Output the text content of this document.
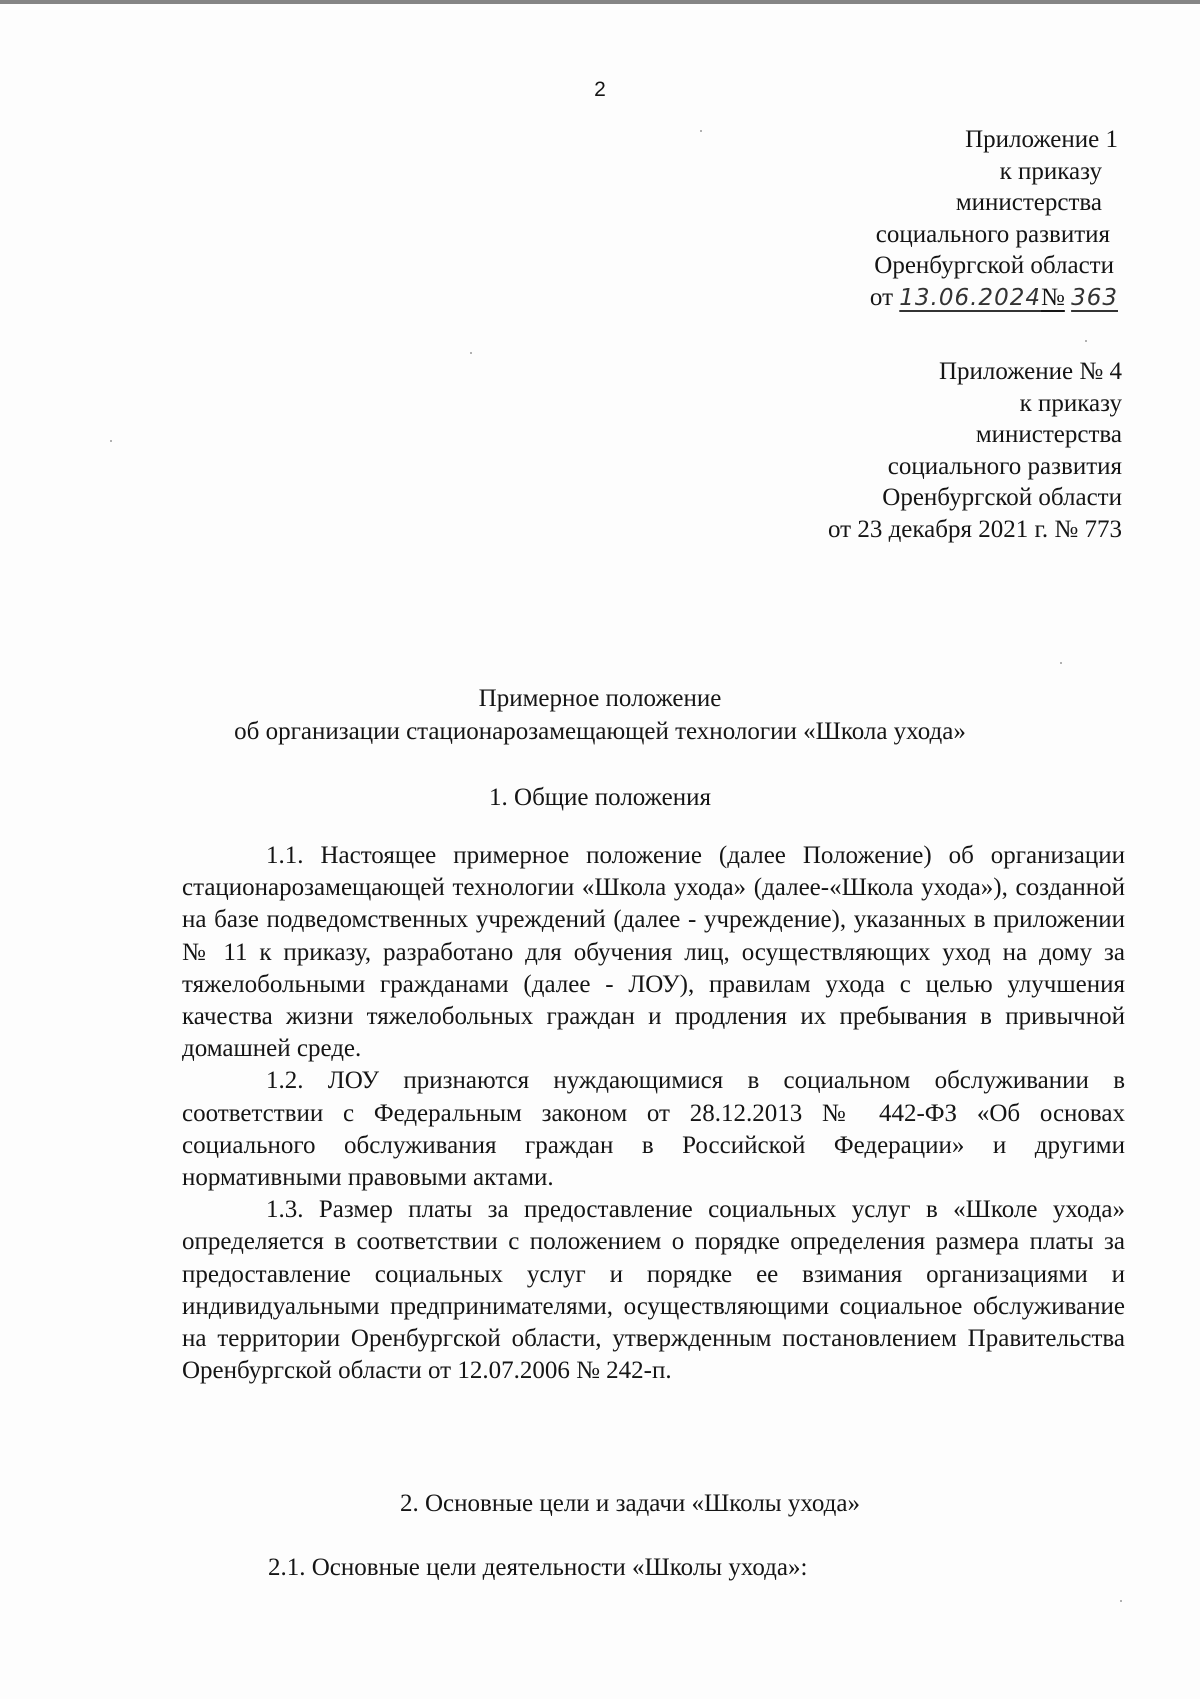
2
Приложение 1
к приказу
министерства
социального развития
Оренбургской области
от 13.06.2024№ 363
Приложение № 4
к приказу
министерства
социального развития
Оренбургской области
от 23 декабря 2021 г. № 773
Примерное положение
об организации стационарозамещающей технологии «Школа ухода»
1. Общие положения

1.1. Настоящее примерное положение (далее Положение) об организации стационарозамещающей технологии «Школа ухода» (далее-«Школа ухода»), созданной на базе подведомственных учреждений (далее - учреждение), указанных в приложении № 11 к приказу, разработано для обучения лиц, осуществляющих уход на дому за тяжелобольными гражданами (далее - ЛОУ), правилам ухода с целью улучшения качества жизни тяжелобольных граждан и продления их пребывания в привычной домашней среде.

1.2. ЛОУ признаются нуждающимися в социальном обслуживании в соответствии с Федеральным законом от 28.12.2013 № 442-ФЗ «Об основах социального обслуживания граждан в Российской Федерации» и другими нормативными правовыми актами.

1.3. Размер платы за предоставление социальных услуг в «Школе ухода» определяется в соответствии с положением о порядке определения размера платы за предоставление социальных услуг и порядке ее взимания организациями и индивидуальными предпринимателями, осуществляющими социальное обслуживание на территории Оренбургской области, утвержденным постановлением Правительства Оренбургской области от 12.07.2006 № 242-п.

2. Основные цели и задачи «Школы ухода»
2.1. Основные цели деятельности «Школы ухода»:
